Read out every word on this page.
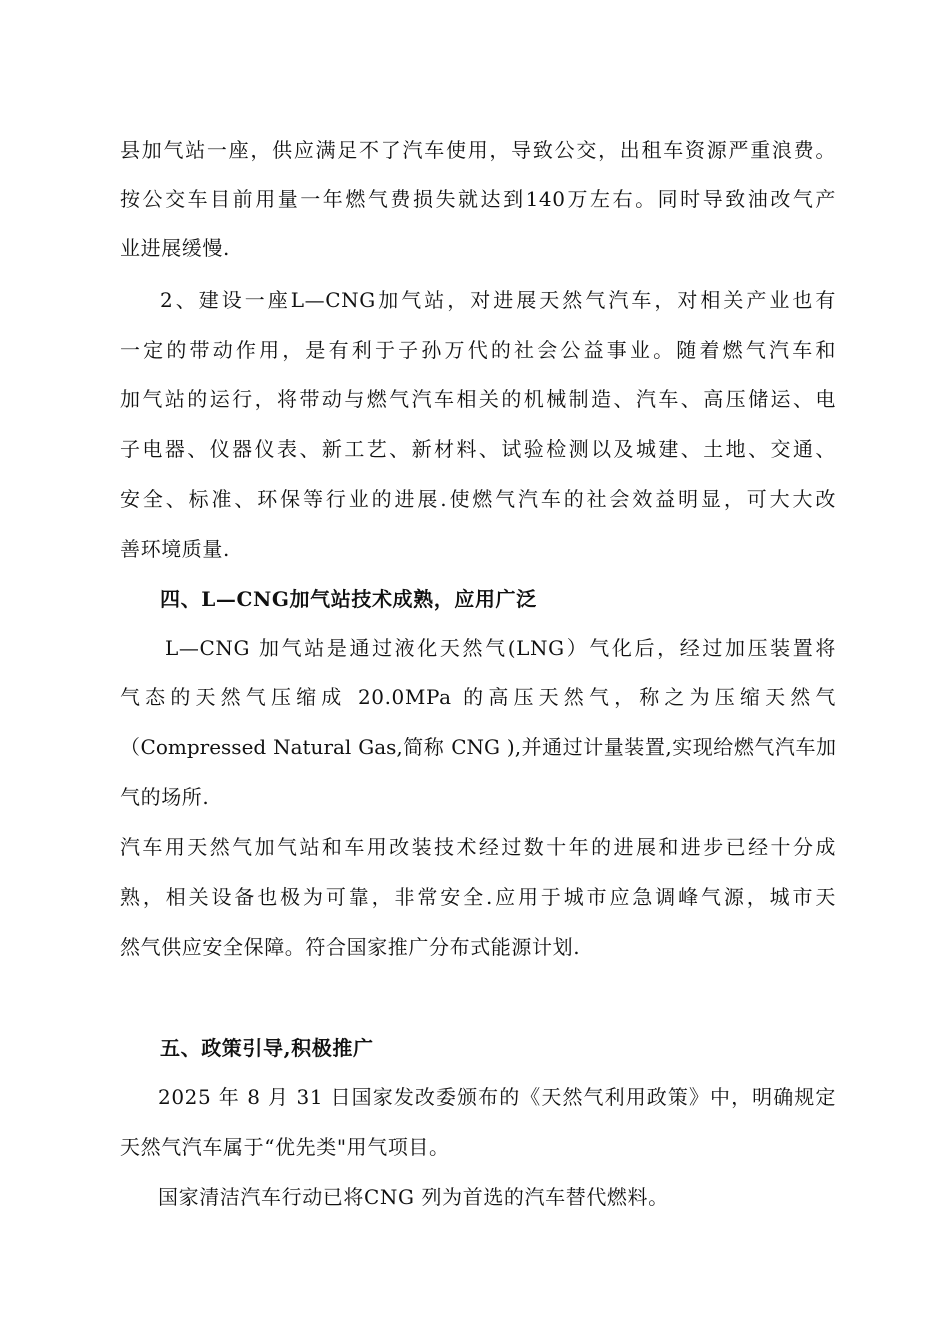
县加气站一座，供应满足不了汽车使用，导致公交，出租车资源严重浪费。
按公交车目前用量一年燃气费损失就达到140万左右。同时导致油改气产
业进展缓慢.
2、建设一座L—CNG加气站，对进展天然气汽车，对相关产业也有
一定的带动作用，是有利于子孙万代的社会公益事业。随着燃气汽车和
加气站的运行，将带动与燃气汽车相关的机械制造、汽车、高压储运、电
子电器、仪器仪表、新工艺、新材料、试验检测以及城建、土地、交通、
安全、标准、环保等行业的进展.使燃气汽车的社会效益明显，可大大改
善环境质量.
四、L—CNG加气站技术成熟，应用广泛
L—CNG 加气站是通过液化天然气(LNG）气化后，经过加压装置将
气态的天然气压缩成 20.0MPa 的高压天然气，称之为压缩天然气
（Compressed Natural Gas,简称 CNG ),并通过计量装置,实现给燃气汽车加
气的场所.
汽车用天然气加气站和车用改装技术经过数十年的进展和进步已经十分成
熟，相关设备也极为可靠，非常安全.应用于城市应急调峰气源，城市天
然气供应安全保障。符合国家推广分布式能源计划.
五、政策引导,积极推广
2025 年 8 月 31 日国家发改委颁布的《天然气利用政策》中，明确规定
天然气汽车属于“优先类"用气项目。
国家清洁汽车行动已将CNG 列为首选的汽车替代燃料。
